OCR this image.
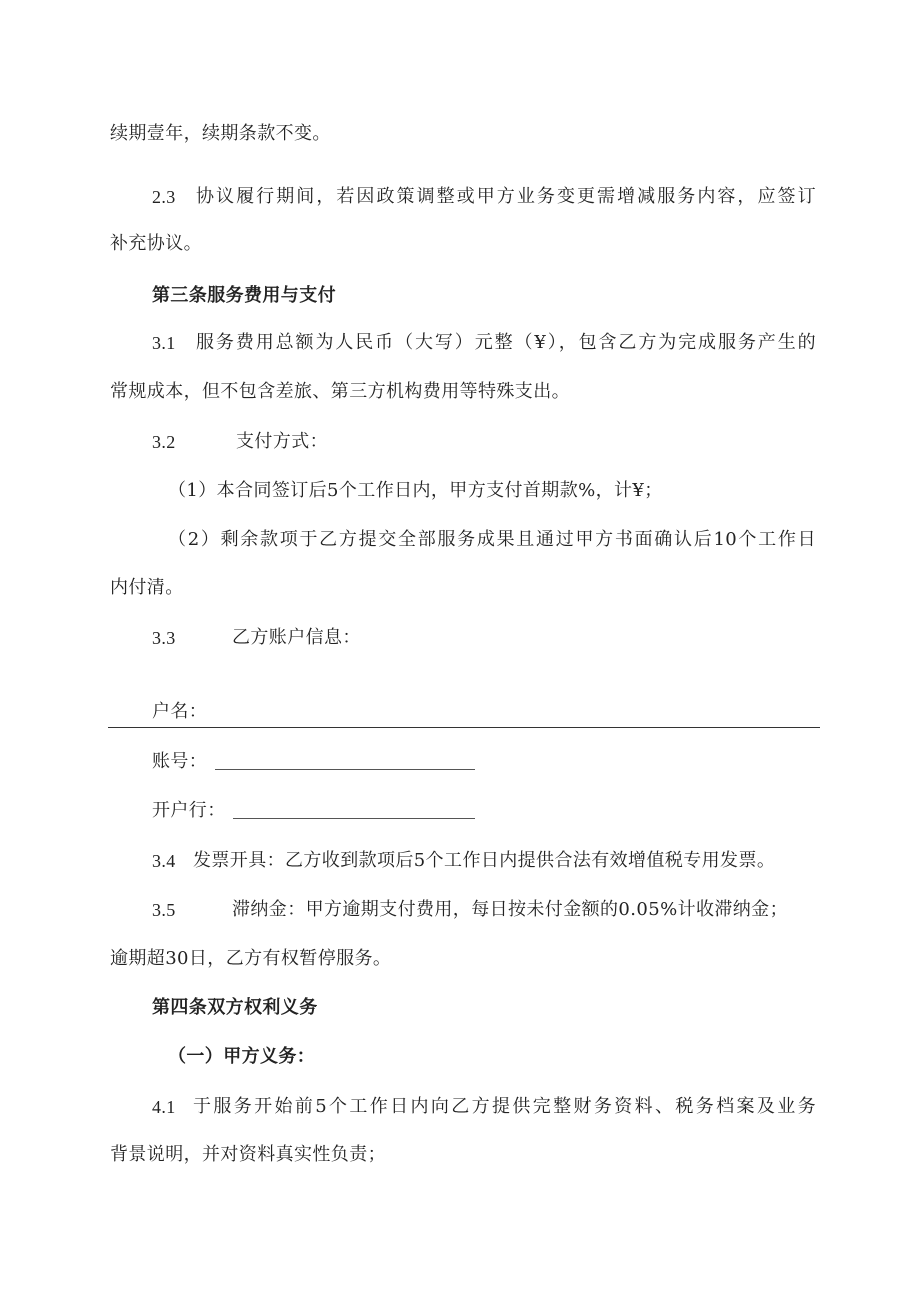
续期壹年，续期条款不变。
2.3 协议履行期间，若因政策调整或甲方业务变更需增减服务内容，应签订
补充协议。
第三条服务费用与支付
3.1 服务费用总额为人民币（大写）元整（¥），包含乙方为完成服务产生的
常规成本，但不包含差旅、第三方机构费用等特殊支出。
3.2	支付方式：
（1）本合同签订后5个工作日内，甲方支付首期款%，计¥；
（2）剩余款项于乙方提交全部服务成果且通过甲方书面确认后10个工作日
内付清。
3.3	乙方账户信息：
户名：
账号：
开户行：
3.4 发票开具：乙方收到款项后5个工作日内提供合法有效增值税专用发票。
3.5	滞纳金：甲方逾期支付费用，每日按未付金额的0.05%计收滞纳金；
逾期超30日，乙方有权暂停服务。
第四条双方权利义务
（一）甲方义务：
4.1 于服务开始前5个工作日内向乙方提供完整财务资料、税务档案及业务
背景说明，并对资料真实性负责；
